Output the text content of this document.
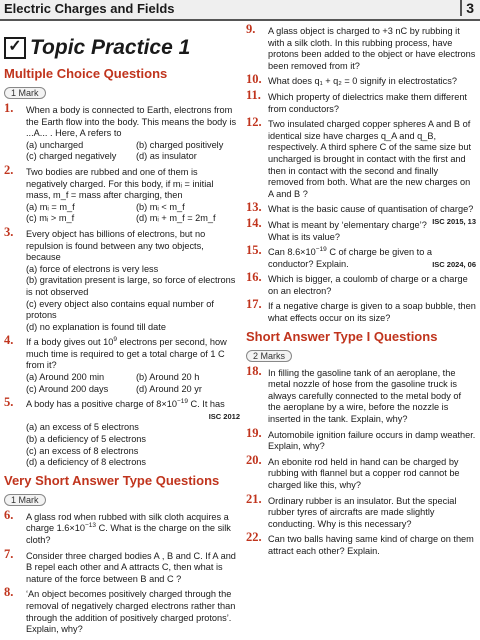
Electric Charges and Fields	3
✓ Topic Practice 1
Multiple Choice Questions
1 Mark
1. When a body is connected to Earth, electrons from the Earth flow into the body. This means the body is ...A... . Here, A refers to
(a) uncharged	(b) charged positively
(c) charged negatively	(d) as insulator
2. Two bodies are rubbed and one of them is negatively charged. For this body, if mᵢ = initial mass, m_f = mass after charging, then
(a) mᵢ = m_f	(b) mᵢ < m_f
(c) mᵢ > m_f	(d) mᵢ + m_f = 2m_f
3. Every object has billions of electrons, but no repulsion is found between any two objects, because
(a) force of electrons is very less
(b) gravitation present is large, so force of electrons is not observed
(c) every object also contains equal number of protons
(d) no explanation is found till date
4. If a body gives out $10^9$ electrons per second, how much time is required to get a total charge of 1 C from it?
(a) Around 200 min	(b) Around 20 h
(c) Around 200 days	(d) Around 20 yr
5. A body has a positive charge of $8\times 10^{-19}$ C. It has
ISC 2012
(a) an excess of 5 electrons
(b) a deficiency of 5 electrons
(c) an excess of 8 electrons
(d) a deficiency of 8 electrons
Very Short Answer Type Questions
1 Mark
6. A glass rod when rubbed with silk cloth acquires a charge $1.6\times 10^{-13}$ C. What is the charge on the silk cloth?
7. Consider three charged bodies A , B and C. If A and B repel each other and A attracts C, then what is nature of the force between B and C ?
8. ‘An object becomes positively charged through the removal of negatively charged electrons rather than through the addition of positively charged protons’. Explain, why?
9. A glass object is charged to +3 nC by rubbing it with a silk cloth. In this rubbing process, have protons been added to the object or have electrons been removed from it?
10. What does q₁ + q₂ = 0 signify in electrostatics?
11. Which property of dielectrics make them different from conductors?
12. Two insulated charged copper spheres A and B of identical size have charges q_A and q_B, respectively. A third sphere C of the same size but uncharged is brought in contact with the first and then in contact with the second and finally removed from both. What are the new charges on A and B ?
13. What is the basic cause of quantisation of charge?
ISC 2015, 13
14. What is meant by ‘elementary charge’? What is its value?
15. Can $8.6\times 10^{-19}$ C of charge be given to a conductor? Explain.	ISC 2024, 06
16. Which is bigger, a coulomb of charge or a charge on an electron?
17. If a negative charge is given to a soap bubble, then what effects occur on its size?
Short Answer Type I Questions
2 Marks
18. In filling the gasoline tank of an aeroplane, the metal nozzle of hose from the gasoline truck is always carefully connected to the metal body of the aeroplane by a wire, before the nozzle is inserted in the tank. Explain, why?
19. Automobile ignition failure occurs in damp weather. Explain, why?
20. An ebonite rod held in hand can be charged by rubbing with flannel but a copper rod cannot be charged like this, why?
21. Ordinary rubber is an insulator. But the special rubber tyres of aircrafts are made slightly conducting. Why is this necessary?
22. Can two balls having same kind of charge on them attract each other? Explain.
